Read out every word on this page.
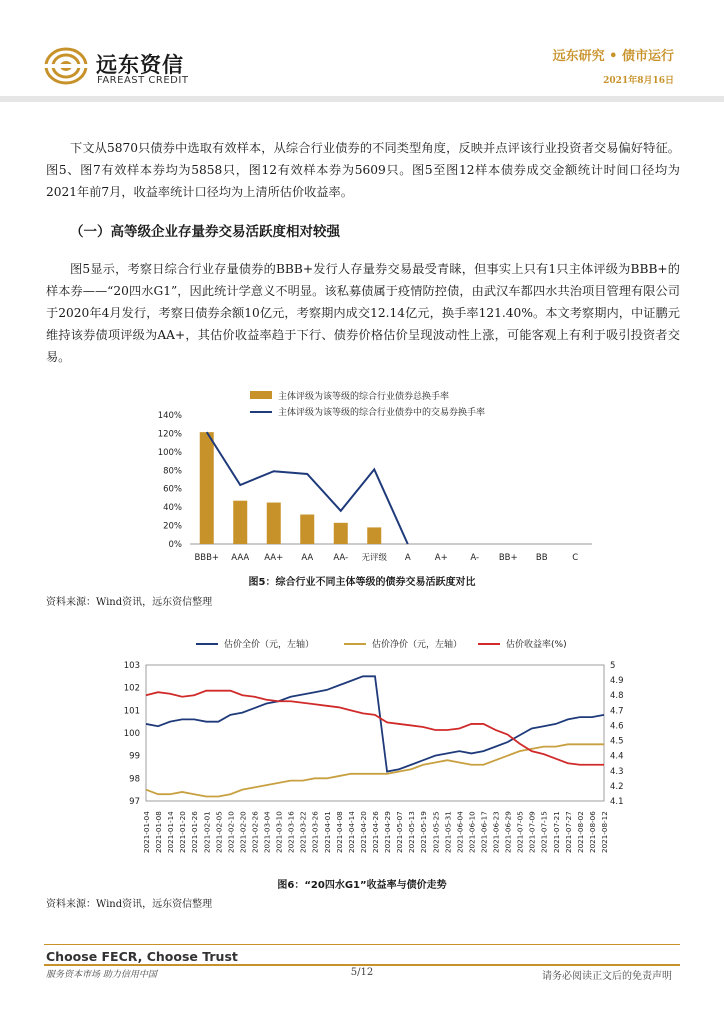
远东资信
FAREAST CREDIT
远东研究 • 债市运行
2021年8月16日

下文从5870只债券中选取有效样本，从综合行业债券的不同类型角度，反映并点评该行业投资者交易偏好特征。图5、图7有效样本券均为5858只，图12有效样本券为5609只。图5至图12样本债券成交金额统计时间口径均为2021年前7月，收益率统计口径均为上清所估价收益率。

（一）高等级企业存量券交易活跃度相对较强

图5显示，考察日综合行业存量债券的BBB+发行人存量券交易最受青睐，但事实上只有1只主体评级为BBB+的样本券——“20四水G1”，因此统计学意义不明显。该私募债属于疫情防控债，由武汉车都四水共治项目管理有限公司于2020年4月发行，考察日债券余额10亿元，考察期内成交12.14亿元，换手率121.40%。本文考察期内，中证鹏元维持该券债项评级为AA+，其估价收益率趋于下行、债券价格估价呈现波动性上涨，可能客观上有利于吸引投资者交易。

主体评级为该等级的综合行业债券总换手率
主体评级为该等级的综合行业债券中的交易券换手率
0%
20%
40%
60%
80%
100%
120%
140%
BBB+ AAA AA+ AA AA- 无评级 A	A+	A- BB+ BB	C
图5：综合行业不同主体等级的债券交易活跃度对比
资料来源：Wind资讯，远东资信整理
估价全价（元，左轴）	估价净价（元，左轴）	估价收益率(%)
97
98
99
100
101
102
103
4.1
4.2
4.3
4.4
4.5
4.6
4.7
4.8
4.9
5
2021-01-04 2021-01-08 2021-01-14 2021-01-20 2021-01-26 2021-02-01 2021-02-05 2021-02-10 2021-02-20 2021-02-26 2021-03-04 2021-03-10 2021-03-16 2021-03-22 2021-03-26 2021-04-01 2021-04-08 2021-04-14 2021-04-20 2021-04-26 2021-04-29 2021-05-07 2021-05-13 2021-05-19 2021-05-25 2021-05-31 2021-06-04 2021-06-10 2021-06-17 2021-06-23 2021-06-29 2021-07-05 2021-07-09 2021-07-15 2021-07-21 2021-07-27 2021-08-02 2021-08-06 2021-08-12
图6：“20四水G1”收益率与债价走势
资料来源：Wind资讯，远东资信整理
Choose FECR, Choose Trust
服务资本市场 助力信用中国	5/12	请务必阅读正文后的免责声明
